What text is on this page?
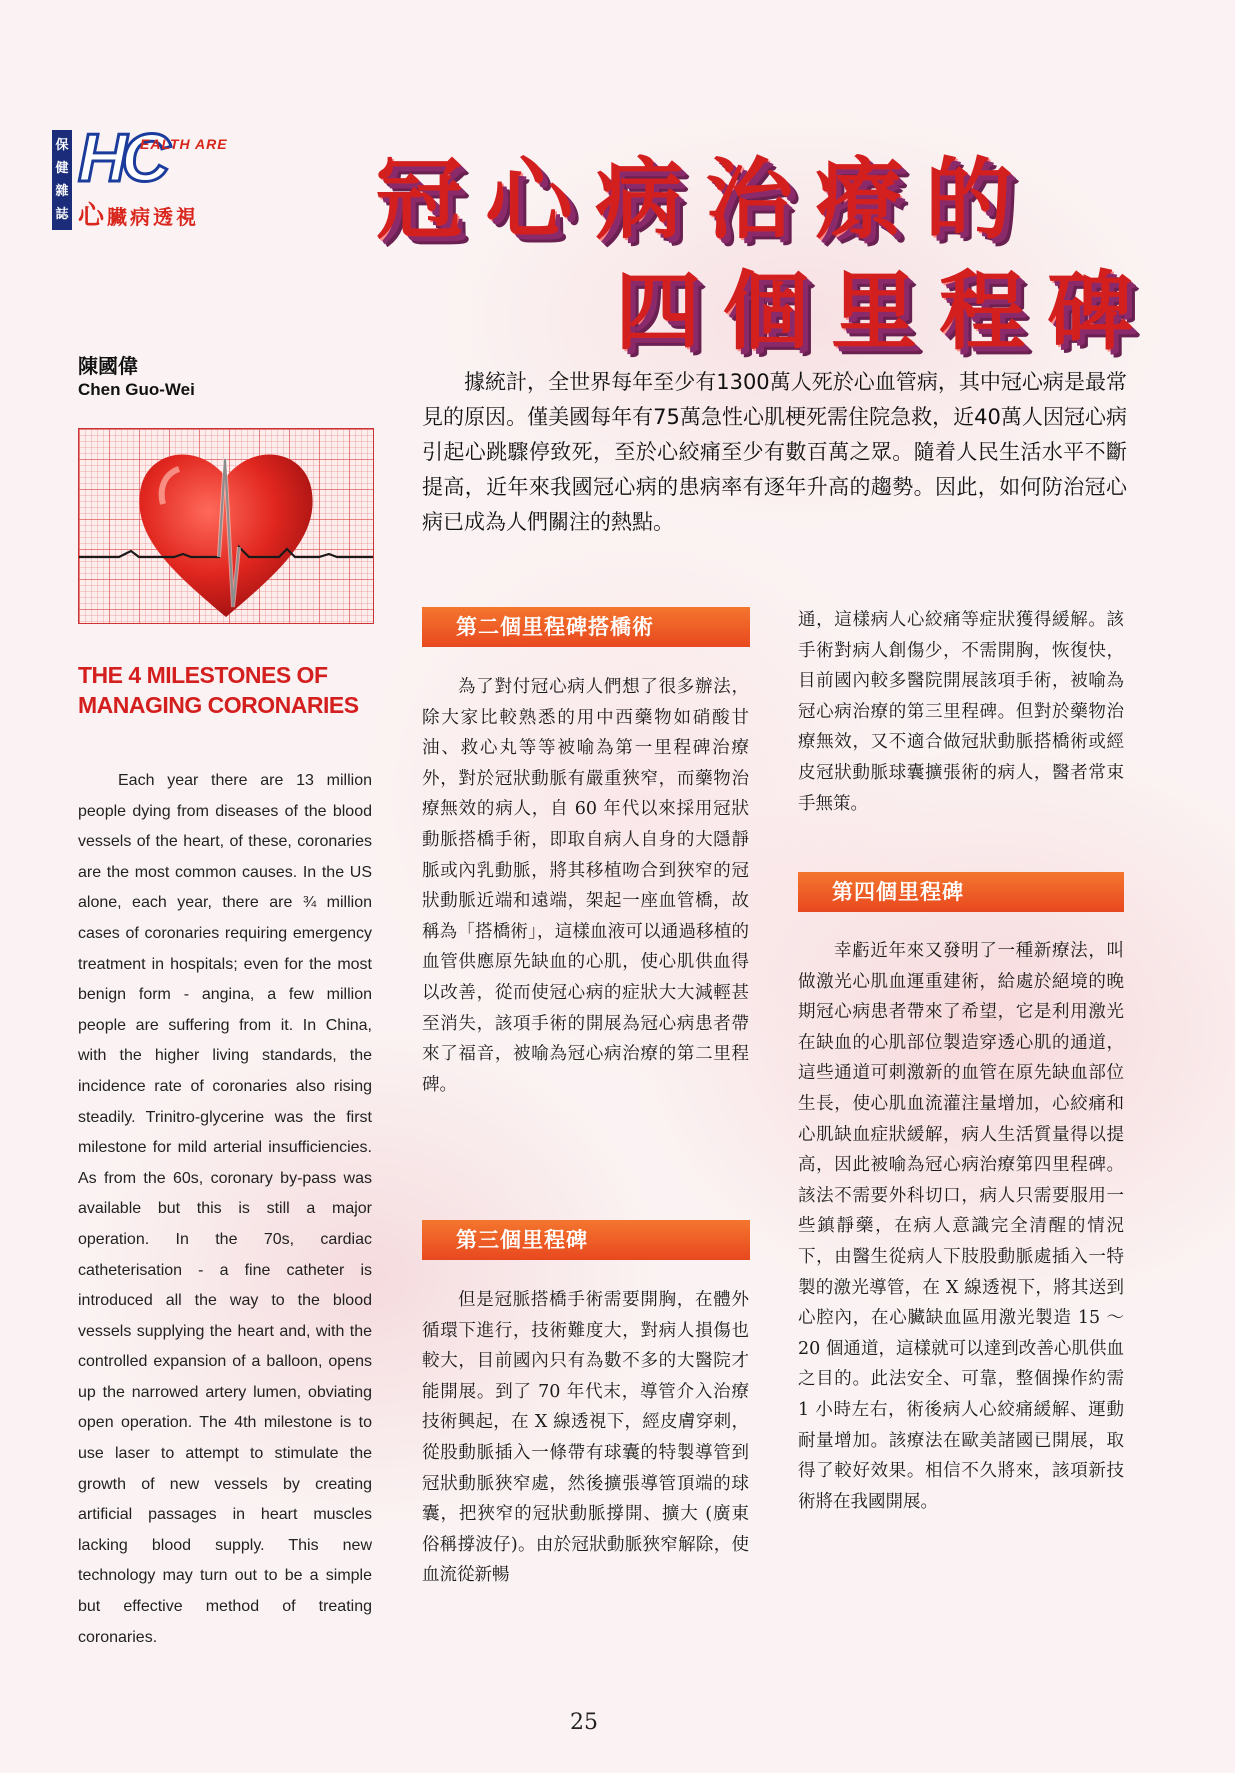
保
健
雜
誌
HC
EALTH ARE
心臟病透視 冠心病治療的
四個里程碑
陳國偉
Chen Guo-Wei
THE 4 MILESTONES OF MANAGING CORONARIES
Each year there are 13 million people dying from diseases of the blood vessels of the heart, of these, coronaries are the most common causes. In the US alone, each year, there are ¾ million cases of coronaries requiring emergency treatment in hospitals; even for the most benign form - angina, a few million people are suffering from it. In China, with the higher living standards, the incidence rate of coronaries also rising steadily. Trinitro-glycerine was the first milestone for mild arterial insufficiencies. As from the 60s, coronary by-pass was available but this is still a major operation. In the 70s, cardiac catheterisation - a fine catheter is introduced all the way to the blood vessels supplying the heart and, with the controlled expansion of a balloon, opens up the narrowed artery lumen, obviating open operation. The 4th milestone is to use laser to attempt to stimulate the growth of new vessels by creating artificial passages in heart muscles lacking blood supply. This new technology may turn out to be a simple but effective method of treating coronaries.
據統計，全世界每年至少有1300萬人死於心血管病，其中冠心病是最常見的原因。僅美國每年有75萬急性心肌梗死需住院急救，近40萬人因冠心病引起心跳驟停致死，至於心絞痛至少有數百萬之眾。隨着人民生活水平不斷提高，近年來我國冠心病的患病率有逐年升高的趨勢。因此，如何防治冠心病已成為人們關注的熱點。
第二個里程碑搭橋術
為了對付冠心病人們想了很多辦法，除大家比較熟悉的用中西藥物如硝酸甘油、救心丸等等被喻為第一里程碑治療外，對於冠狀動脈有嚴重狹窄，而藥物治療無效的病人，自 60 年代以來採用冠狀動脈搭橋手術，即取自病人自身的大隱靜脈或內乳動脈，將其移植吻合到狹窄的冠狀動脈近端和遠端，架起一座血管橋，故稱為「搭橋術」，這樣血液可以通過移植的血管供應原先缺血的心肌，使心肌供血得以改善，從而使冠心病的症狀大大減輕甚至消失，該項手術的開展為冠心病患者帶來了福音，被喻為冠心病治療的第二里程碑。
第三個里程碑
但是冠脈搭橋手術需要開胸，在體外循環下進行，技術難度大，對病人損傷也較大，目前國內只有為數不多的大醫院才能開展。到了 70 年代末，導管介入治療技術興起，在 X 線透視下，經皮膚穿刺，從股動脈插入一條帶有球囊的特製導管到冠狀動脈狹窄處，然後擴張導管頂端的球囊，把狹窄的冠狀動脈撐開、擴大 (廣東俗稱撐波仔)。由於冠狀動脈狹窄解除，使血流從新暢
通，這樣病人心絞痛等症狀獲得緩解。該手術對病人創傷少，不需開胸，恢復快，目前國內較多醫院開展該項手術，被喻為冠心病治療的第三里程碑。但對於藥物治療無效，又不適合做冠狀動脈搭橋術或經皮冠狀動脈球囊擴張術的病人，醫者常束手無策。
第四個里程碑
幸虧近年來又發明了一種新療法，叫做激光心肌血運重建術，給處於絕境的晚期冠心病患者帶來了希望，它是利用激光在缺血的心肌部位製造穿透心肌的通道，這些通道可刺激新的血管在原先缺血部位生長，使心肌血流灌注量增加，心絞痛和心肌缺血症狀緩解，病人生活質量得以提高，因此被喻為冠心病治療第四里程碑。該法不需要外科切口，病人只需要服用一些鎮靜藥，在病人意識完全清醒的情況下，由醫生從病人下肢股動脈處插入一特製的激光導管，在 X 線透視下，將其送到心腔內，在心臟缺血區用激光製造 15 ～ 20 個通道，這樣就可以達到改善心肌供血之目的。此法安全、可靠，整個操作約需 1 小時左右，術後病人心絞痛緩解、運動耐量增加。該療法在歐美諸國已開展，取得了較好效果。相信不久將來，該項新技術將在我國開展。
25
